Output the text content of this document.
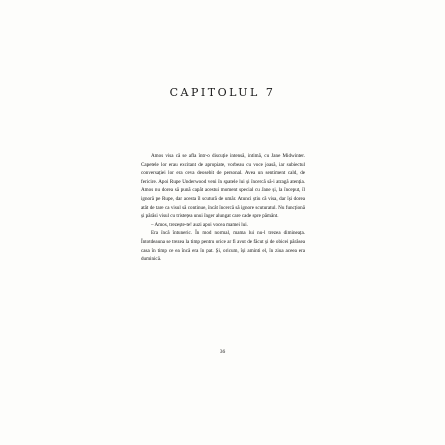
CAPITOLUL 7

Amos visa că se afla într-o discuție intensă, intimă, cu Jane Midwinter. Capetele lor erau excitant de apropiate, vorbeau cu voce joasă, iar subiectul conversației lor era ceva deosebit de personal. Avea un sentiment cald, de fericire. Apoi Rupe Underwood veni în spatele lui și încercă să-i atragă atenția. Amos nu dorea să pună capăt acestui moment special cu Jane și, la început, îl ignoră pe Rupe, dar acesta îl scutură de umăr. Atunci știu că visa, dar își dorea atât de tare ca visul să continue, încât încercă să ignore scuturatul. Nu funcționă și părăsi visul cu tristețea unui înger alungat care cade spre pământ.

– Amos, trezește-te! auzi apoi vocea mamei lui.

Era încă întuneric. În mod normal, mama lui nu-l trezea dimineața. Întotdeauna se trezea la timp pentru orice ar fi avut de făcut și de obicei părăsea casa în timp ce ea încă era în pat. Și, oricum, își aminti el, în ziua aceea era duminică.

36
